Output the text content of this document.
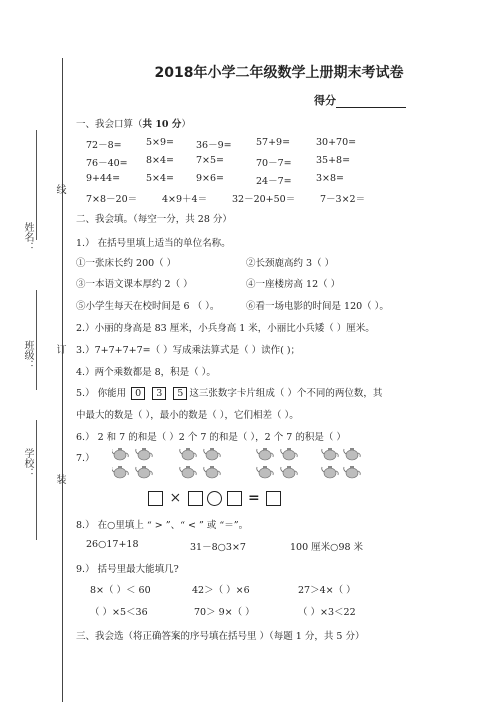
姓名：
班级：
学校：
线
订
装
2018年小学二年级数学上册期末考试卷
得分
一、我会口算（共 10 分）
72－8=	5×9= 36－9=	57+9=	30+70=
76－40= 8×4= 7×5=	70－7=	35+8=
9+44=	5×4= 9×6=	24－7=	3×8=
7×8－20＝	4×9＋4＝	32－20+50＝	7－3×2＝
二、我会填。（每空一分，共 28 分）
1.） 在括号里填上适当的单位名称。
①一张床长约 200（ ）	②长颈鹿高约 3（ ）
③一本语文课本厚约 2（ ）	④一座楼房高 12（ ）
⑤小学生每天在校时间是 6 （ ）。	⑥看一场电影的时间是 120（ ）。
2.）小丽的身高是 83 厘米，小兵身高 1 米，小丽比小兵矮（ ）厘米。
3.）7+7+7+7=（ ）写成乘法算式是（ ）读作( )；
4.）两个乘数都是 8，积是（ ）。
5.） 你能用 0 3 5 这三张数字卡片组成（ ）个不同的两位数，其
中最大的数是（ ），最小的数是（ ），它们相差（ ）。
6.） 2 和 7 的和是（ ）2 个 7 的和是（ ），2 个 7 的积是（ ）
7.）
×	=
8.） 在○里填上 “ > ”、“ < ” 或 “＝”。
26○17+18	31－8○3×7	100 厘米○98 米
9.） 括号里最大能填几?
8×（ ）＜ 60	42＞（ ）×6	27＞4×（ ）
（ ）×5＜36	70＞ 9×（ ）	（ ）×3＜22
三、我会选（将正确答案的序号填在括号里 ）（每题 1 分，共 5 分）
